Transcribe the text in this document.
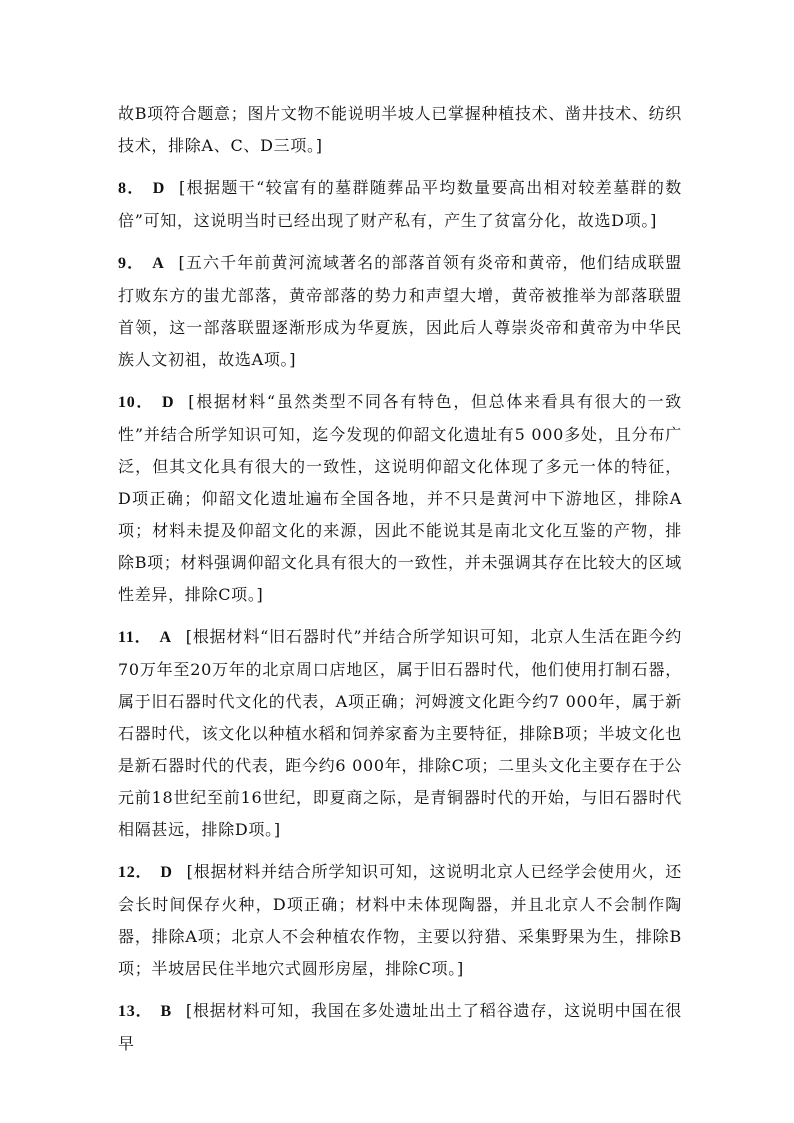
故B项符合题意；图片文物不能说明半坡人已掌握种植技术、凿井技术、纺织技术，排除A、C、D三项。]

8． D [根据题干“较富有的墓群随葬品平均数量要高出相对较差墓群的数倍”可知，这说明当时已经出现了财产私有，产生了贫富分化，故选D项。]

9． A [五六千年前黄河流域著名的部落首领有炎帝和黄帝，他们结成联盟打败东方的蚩尤部落，黄帝部落的势力和声望大增，黄帝被推举为部落联盟首领，这一部落联盟逐渐形成为华夏族，因此后人尊崇炎帝和黄帝为中华民族人文初祖，故选A项。]

10． D [根据材料“虽然类型不同各有特色，但总体来看具有很大的一致性”并结合所学知识可知，迄今发现的仰韶文化遗址有5 000多处，且分布广泛，但其文化具有很大的一致性，这说明仰韶文化体现了多元一体的特征，D项正确；仰韶文化遗址遍布全国各地，并不只是黄河中下游地区，排除A项；材料未提及仰韶文化的来源，因此不能说其是南北文化互鉴的产物，排除B项；材料强调仰韶文化具有很大的一致性，并未强调其存在比较大的区域性差异，排除C项。]

11． A [根据材料“旧石器时代”并结合所学知识可知，北京人生活在距今约70万年至20万年的北京周口店地区，属于旧石器时代，他们使用打制石器，属于旧石器时代文化的代表，A项正确；河姆渡文化距今约7 000年，属于新石器时代，该文化以种植水稻和饲养家畜为主要特征，排除B项；半坡文化也是新石器时代的代表，距今约6 000年，排除C项；二里头文化主要存在于公元前18世纪至前16世纪，即夏商之际，是青铜器时代的开始，与旧石器时代相隔甚远，排除D项。]

12． D [根据材料并结合所学知识可知，这说明北京人已经学会使用火，还会长时间保存火种，D项正确；材料中未体现陶器，并且北京人不会制作陶器，排除A项；北京人不会种植农作物，主要以狩猎、采集野果为生，排除B项；半坡居民住半地穴式圆形房屋，排除C项。]

13． B [根据材料可知，我国在多处遗址出土了稻谷遗存，这说明中国在很早
